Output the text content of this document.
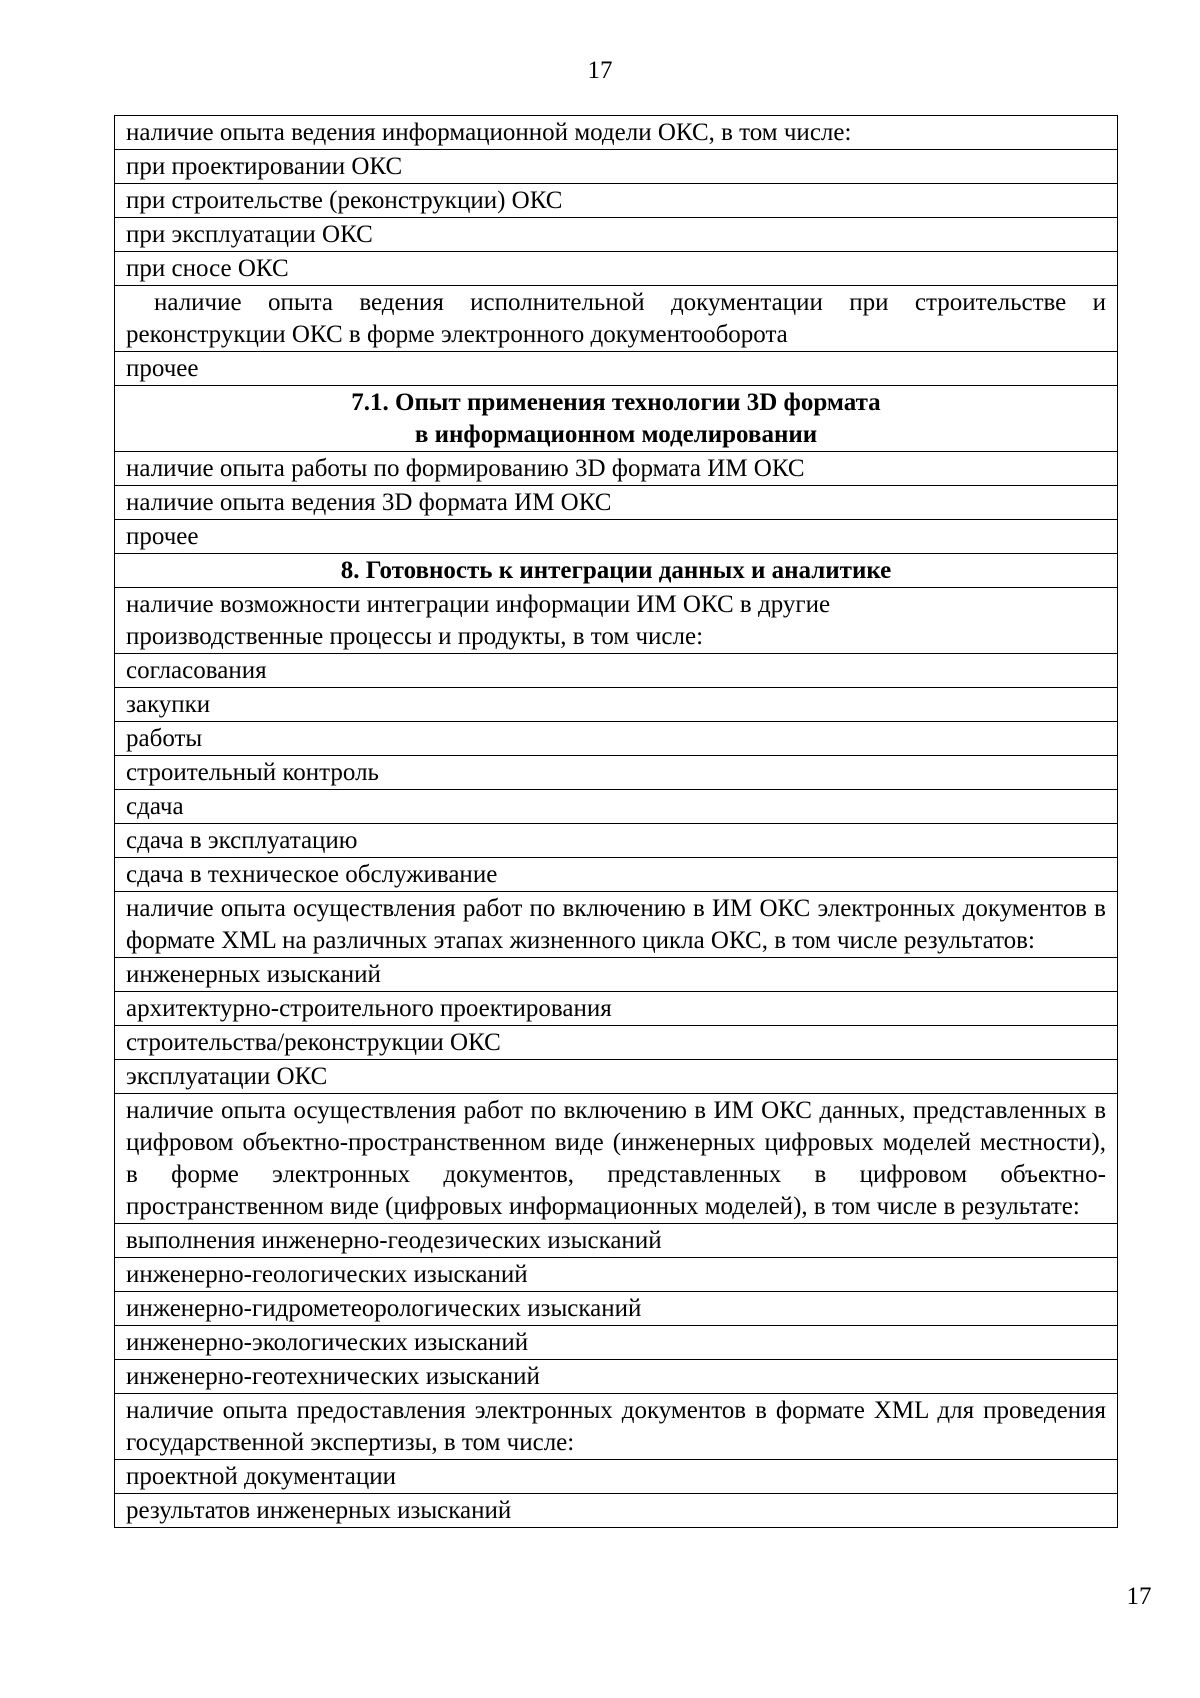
17
наличие опыта ведения информационной модели ОКС, в том числе:
при проектировании ОКС
при строительстве (реконструкции) ОКС
при эксплуатации ОКС
при сносе ОКС
наличие опыта ведения исполнительной документации при строительстве и реконструкции ОКС в форме электронного документооборота
прочее

7.1. Опыт применения технологии 3D формата
в информационном моделировании

наличие опыта работы по формированию 3D формата ИМ ОКС
наличие опыта ведения 3D формата ИМ ОКС
прочее
8. Готовность к интеграции данных и аналитике

наличие возможности интеграции информации ИМ ОКС в другие
производственные процессы и продукты, в том числе:

согласования
закупки
работы
строительный контроль
сдача
сдача в эксплуатацию
сдача в техническое обслуживание
наличие опыта осуществления работ по включению в ИМ ОКС электронных документов в формате XML на различных этапах жизненного цикла ОКС, в том числе результатов:
инженерных изысканий
архитектурно-строительного проектирования
строительства/реконструкции ОКС
эксплуатации ОКС
наличие опыта осуществления работ по включению в ИМ ОКС данных, представленных в цифровом объектно-пространственном виде (инженерных цифровых моделей местности), в форме электронных документов, представленных в цифровом объектно-пространственном виде (цифровых информационных моделей), в том числе в результате:
выполнения инженерно-геодезических изысканий
инженерно-геологических изысканий
инженерно-гидрометеорологических изысканий
инженерно-экологических изысканий
инженерно-геотехнических изысканий
наличие опыта предоставления электронных документов в формате XML для проведения государственной экспертизы, в том числе:
проектной документации
результатов инженерных изысканий
17
